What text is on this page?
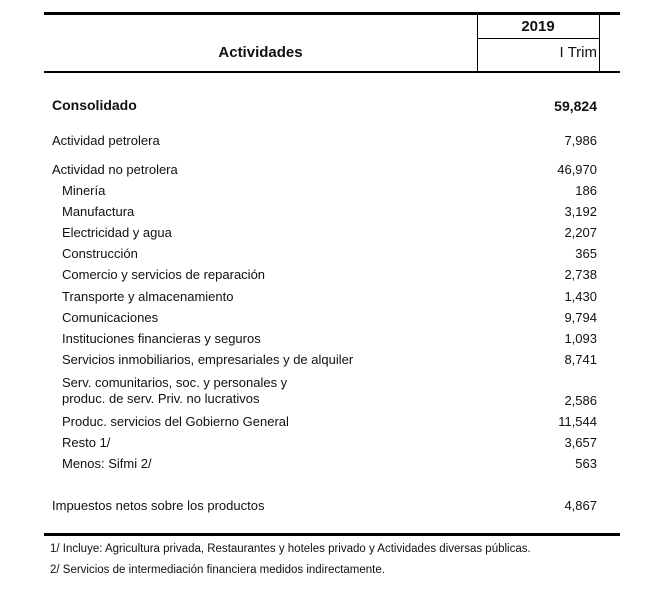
2019
I Trim
Actividades
Consolidado	59,824
Actividad petrolera	7,986
Actividad no petrolera	46,970
Minería	186
Manufactura	3,192
Electricidad y agua	2,207
Construcción	365
Comercio y servicios de reparación	2,738
Transporte y almacenamiento	1,430
Comunicaciones	9,794
Instituciones financieras y seguros	1,093
Servicios inmobiliarios, empresariales y de alquiler	8,741
Serv. comunitarios, soc. y personales y
produc. de serv. Priv. no lucrativos	2,586
Produc. servicios del Gobierno General	11,544
Resto 1/	3,657
Menos: Sifmi 2/	563
Impuestos netos sobre los productos	4,867
1/ Incluye: Agricultura privada, Restaurantes y hoteles privado y Actividades diversas públicas.
2/ Servicios de intermediación financiera medidos indirectamente.
